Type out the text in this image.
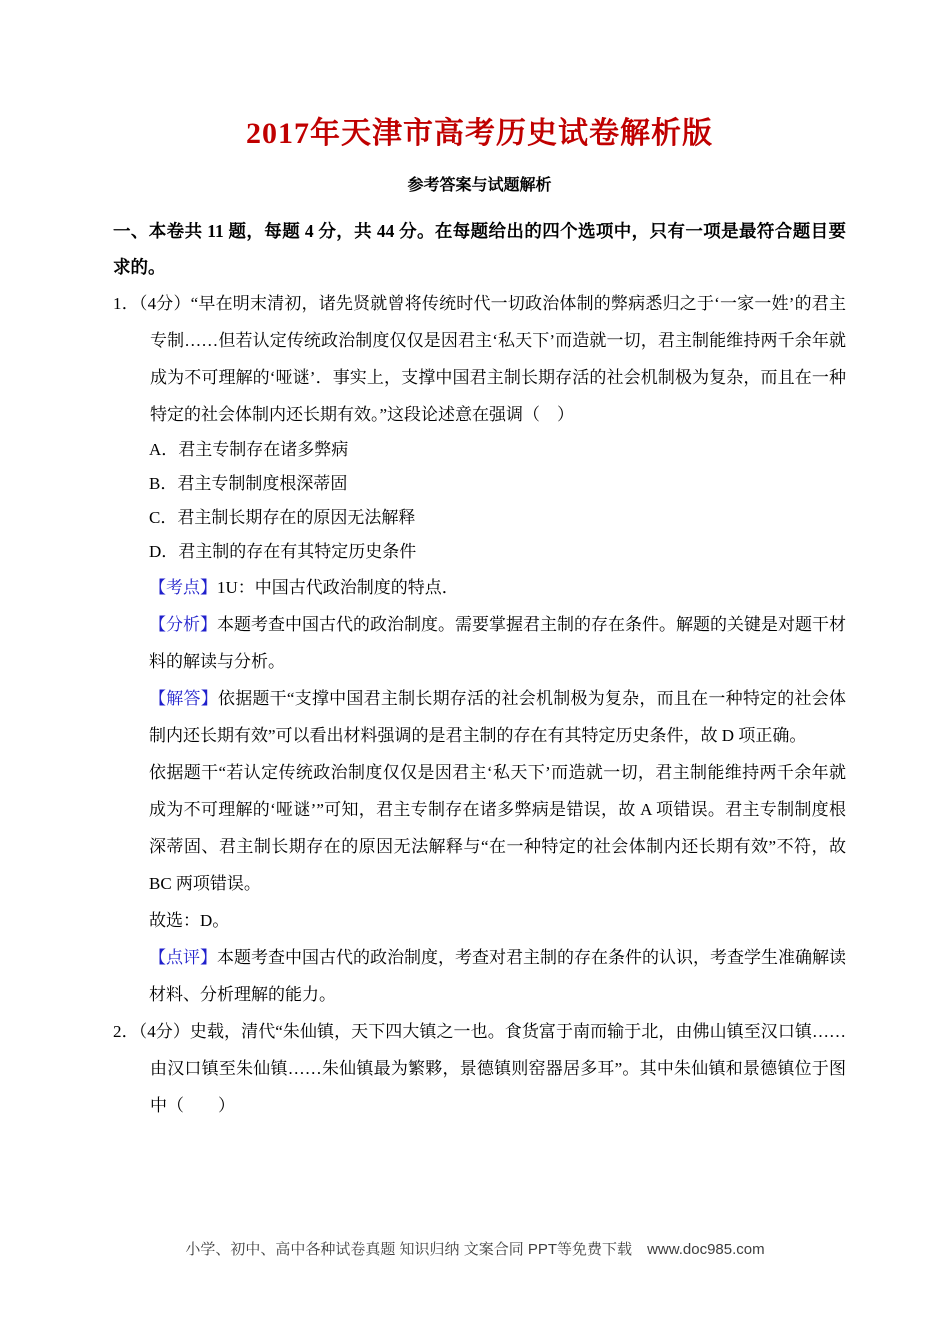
2017年天津市高考历史试卷解析版
参考答案与试题解析
一、本卷共 11 题，每题 4 分，共 44 分。在每题给出的四个选项中，只有一项是最符合题目要求的。
1．（4分）“早在明末清初，诸先贤就曾将传统时代一切政治体制的弊病悉归之于‘一家一姓’的君主专制……但若认定传统政治制度仅仅是因君主‘私天下’而造就一切，君主制能维持两千余年就成为不可理解的‘哑谜’．事实上，支撑中国君主制长期存活的社会机制极为复杂，而且在一种特定的社会体制内还长期有效。”这段论述意在强调（　）
A．君主专制存在诸多弊病
B．君主专制制度根深蒂固
C．君主制长期存在的原因无法解释
D．君主制的存在有其特定历史条件
【考点】1U：中国古代政治制度的特点．
【分析】本题考查中国古代的政治制度。需要掌握君主制的存在条件。解题的关键是对题干材料的解读与分析。
【解答】依据题干“支撑中国君主制长期存活的社会机制极为复杂，而且在一种特定的社会体制内还长期有效”可以看出材料强调的是君主制的存在有其特定历史条件，故 D 项正确。
依据题干“若认定传统政治制度仅仅是因君主‘私天下’而造就一切，君主制能维持两千余年就成为不可理解的‘哑谜’”可知，君主专制存在诸多弊病是错误，故 A 项错误。君主专制制度根深蒂固、君主制长期存在的原因无法解释与“在一种特定的社会体制内还长期有效”不符，故 BC 两项错误。
故选：D。
【点评】本题考查中国古代的政治制度，考查对君主制的存在条件的认识，考查学生准确解读材料、分析理解的能力。
2．（4分）史载，清代“朱仙镇，天下四大镇之一也。食货富于南而输于北，由佛山镇至汉口镇……由汉口镇至朱仙镇……朱仙镇最为繁夥，景德镇则窑器居多耳”。其中朱仙镇和景德镇位于图中（　　）
小学、初中、高中各种试卷真题 知识归纳 文案合同 PPT等免费下载　 www.doc985.com
